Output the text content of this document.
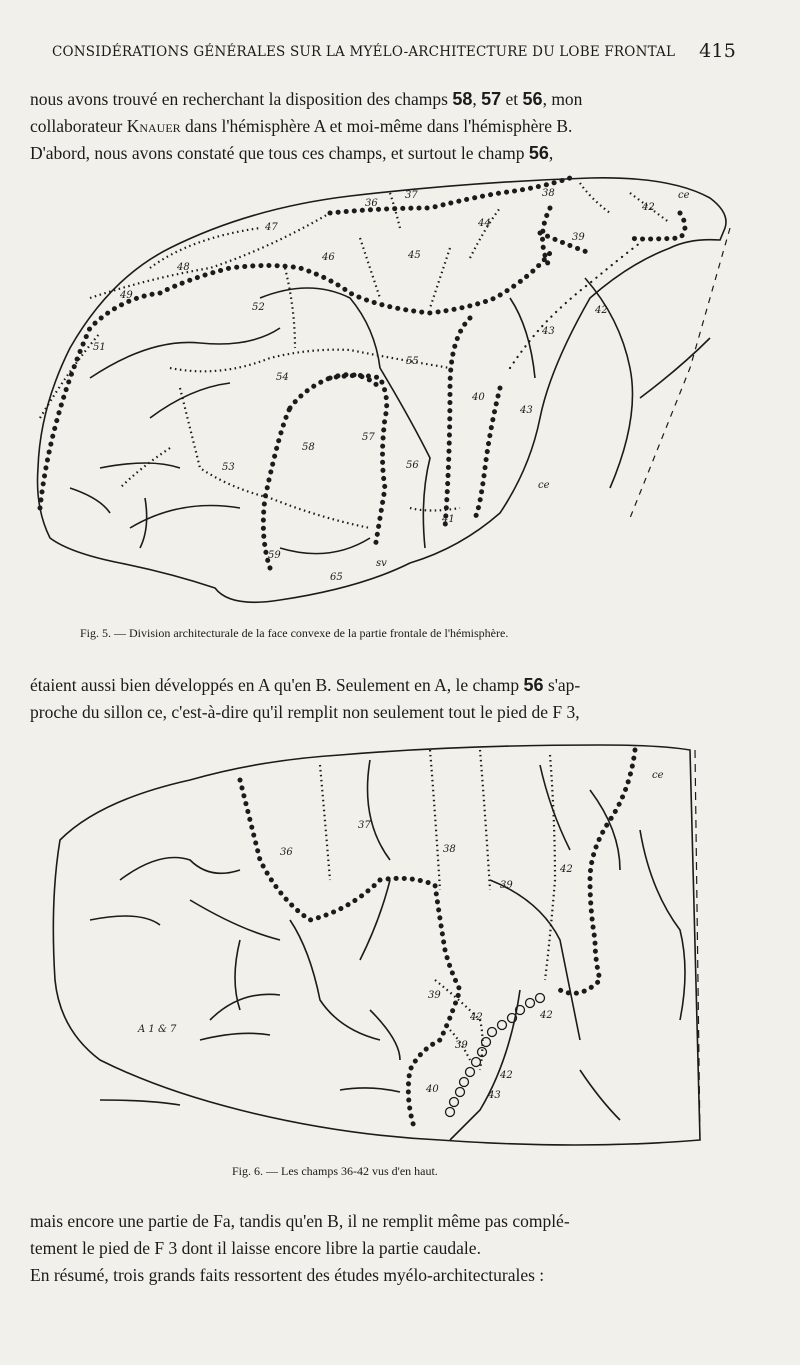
CONSIDÉRATIONS GÉNÉRALES SUR LA MYÉLO-ARCHITECTURE DU LOBE FRONTAL 415
nous avons trouvé en recherchant la disposition des champs 58, 57 et 56, mon
collaborateur Knauer dans l'hémisphère A et moi-même dans l'hémisphère B.
D'abord, nous avons constaté que tous ces champs, et surtout le champ 56,
36
37	38	ce
47	44
42
39
46	45
48
49
52
51
54
55
58
57
56
53
59
65
sv
40
43
41
ce
42
43
Fig. 5. — Division architecturale de la face convexe de la partie frontale de l'hémisphère.
étaient aussi bien développés en A qu'en B. Seulement en A, le champ 56 s'ap-
proche du sillon ce, c'est-à-dire qu'il remplit non seulement tout le pied de F 3,
ce
36
37
38
39
42
39
42	42
39
42
40
43
A 1 & 7
Fig. 6. — Les champs 36-42 vus d'en haut.
mais encore une partie de Fa, tandis qu'en B, il ne remplit même pas complé-
tement le pied de F 3 dont il laisse encore libre la partie caudale.
En résumé, trois grands faits ressortent des études myélo-architecturales :
